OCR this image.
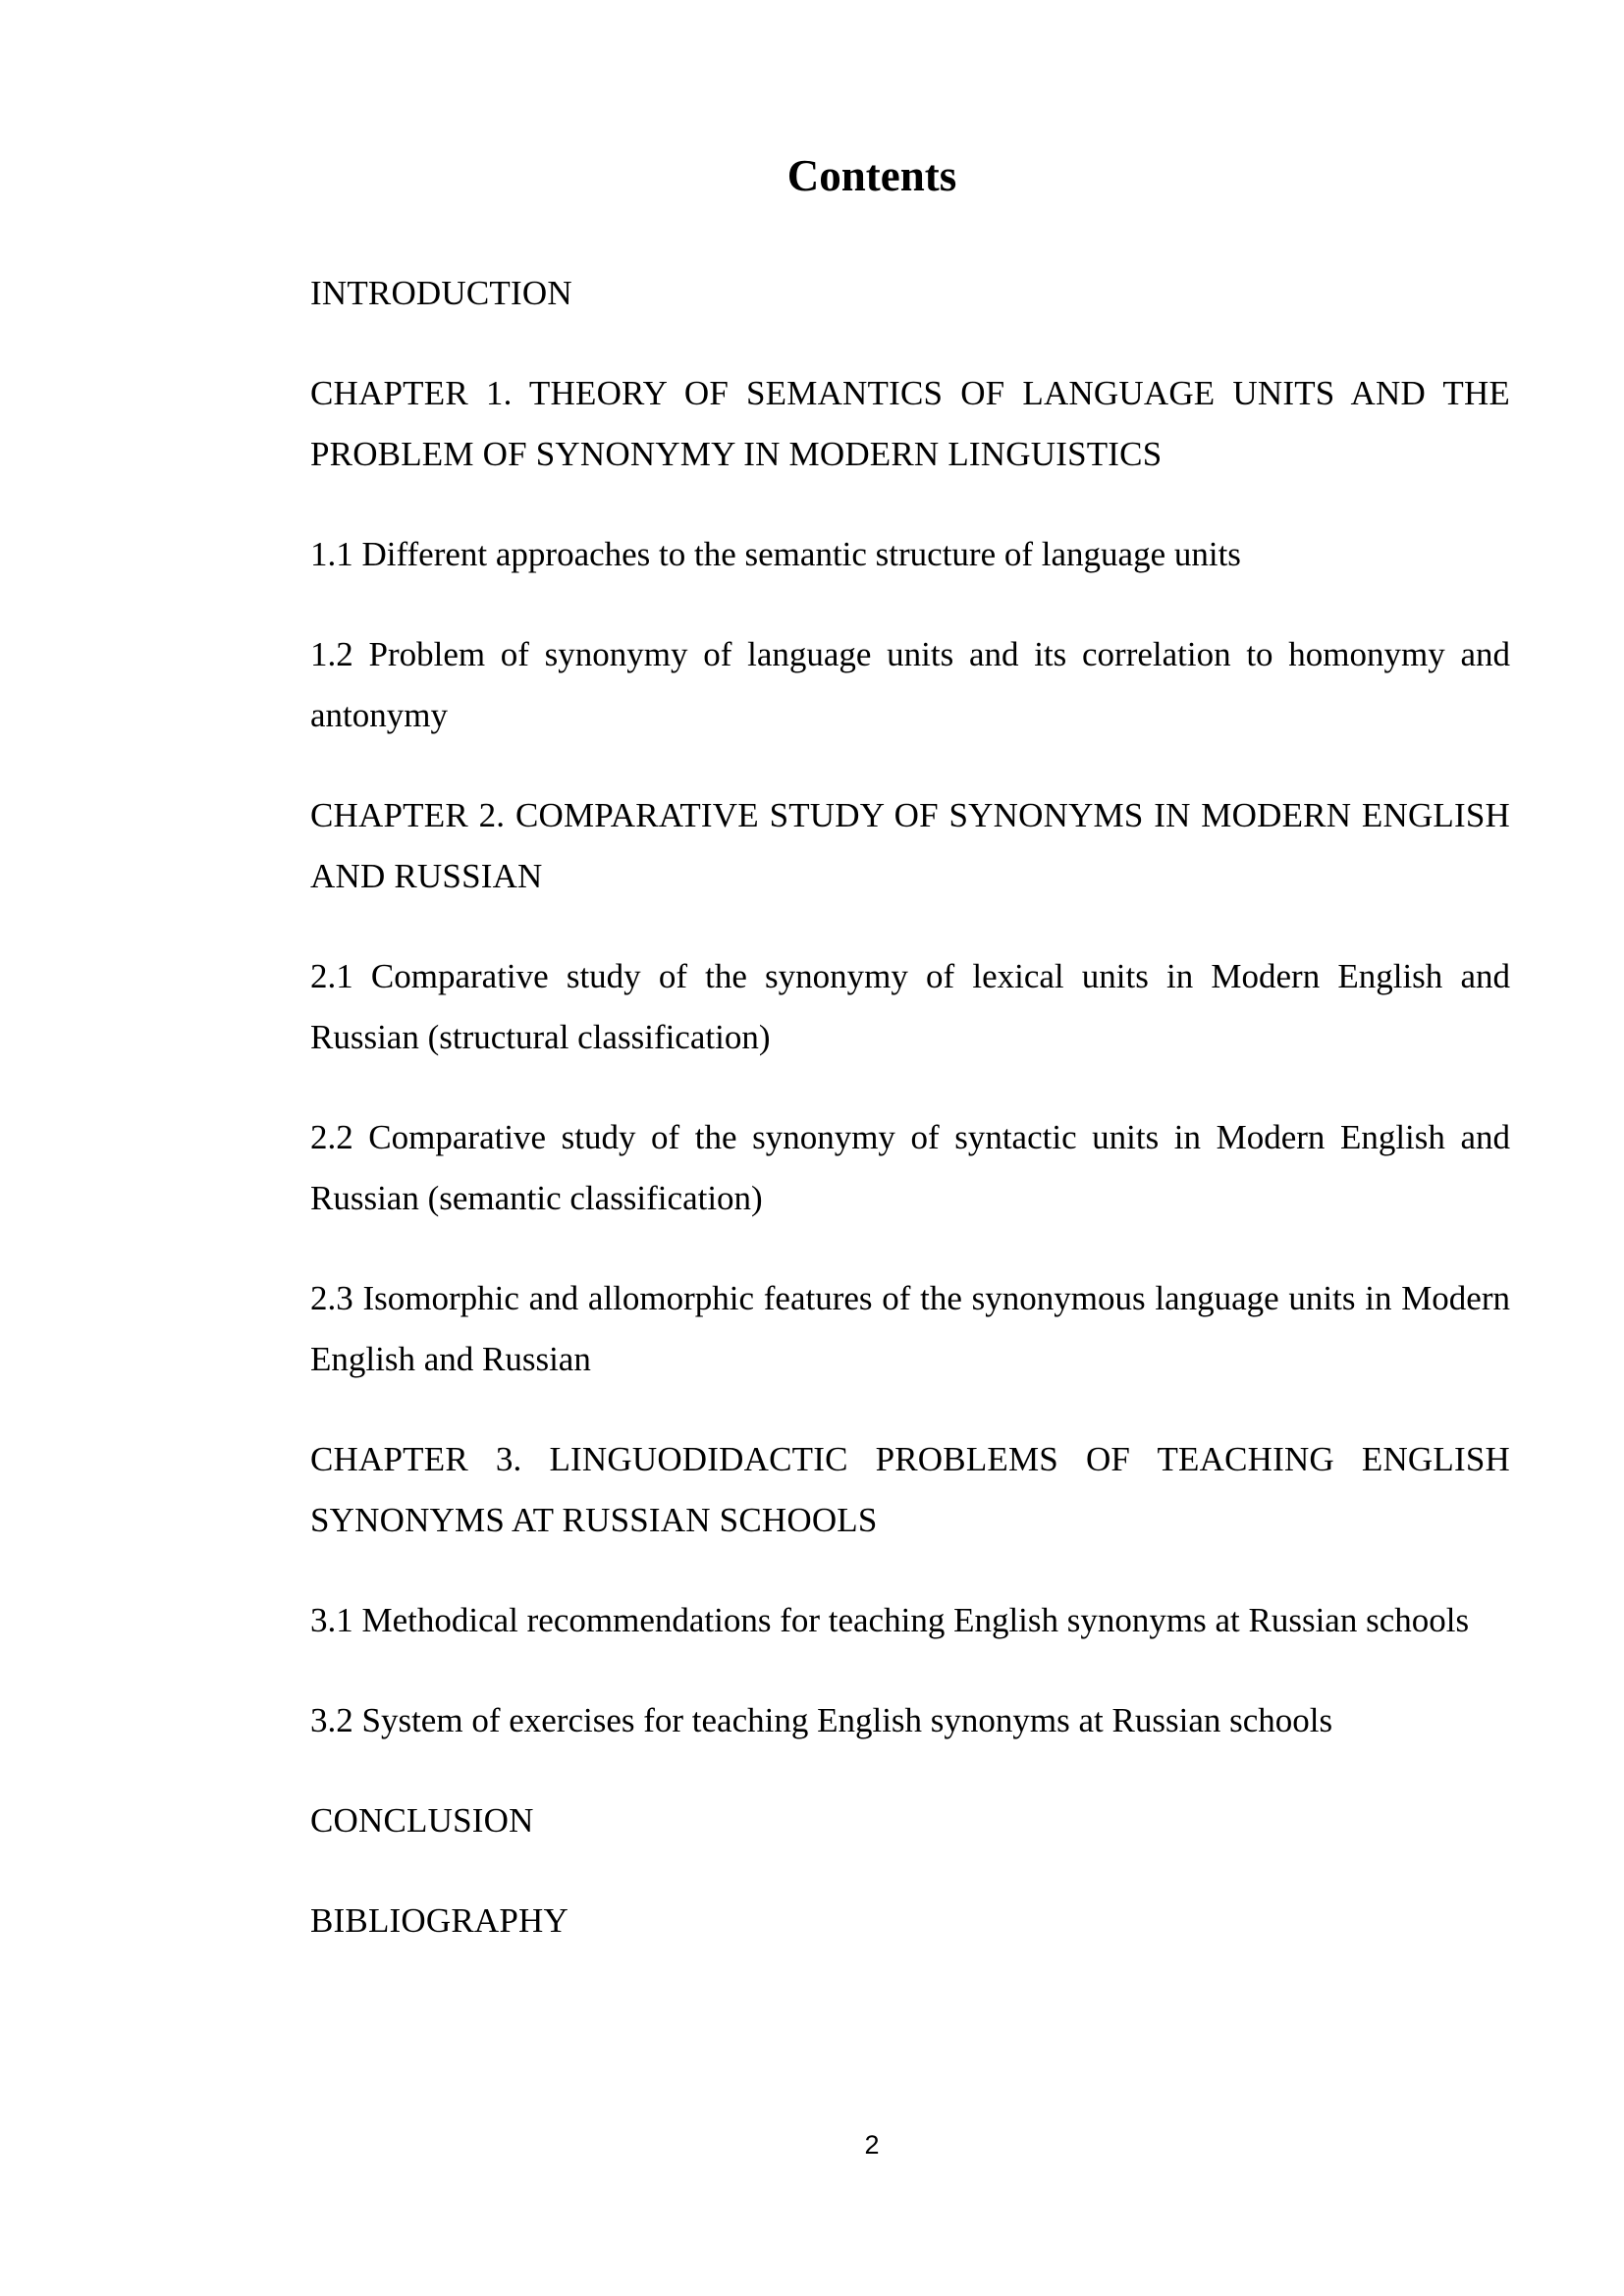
Contents
INTRODUCTION
CHAPTER 1. THEORY OF SEMANTICS OF LANGUAGE UNITS AND THE PROBLEM OF SYNONYMY IN MODERN LINGUISTICS
1.1 Different approaches to the semantic structure of language units
1.2 Problem of synonymy of language units and its correlation to homonymy and antonymy
CHAPTER 2. COMPARATIVE STUDY OF SYNONYMS IN MODERN ENGLISH AND RUSSIAN
2.1 Comparative study of the synonymy of lexical units in Modern English and Russian (structural classification)
2.2 Comparative study of the synonymy of syntactic units in Modern English and Russian (semantic classification)
2.3 Isomorphic and allomorphic features of the synonymous language units in Modern English and Russian
CHAPTER 3. LINGUODIDACTIC PROBLEMS OF TEACHING ENGLISH SYNONYMS AT RUSSIAN SCHOOLS
3.1 Methodical recommendations for teaching English synonyms at Russian schools
3.2 System of exercises for teaching English synonyms at Russian schools
CONCLUSION
BIBLIOGRAPHY
2
